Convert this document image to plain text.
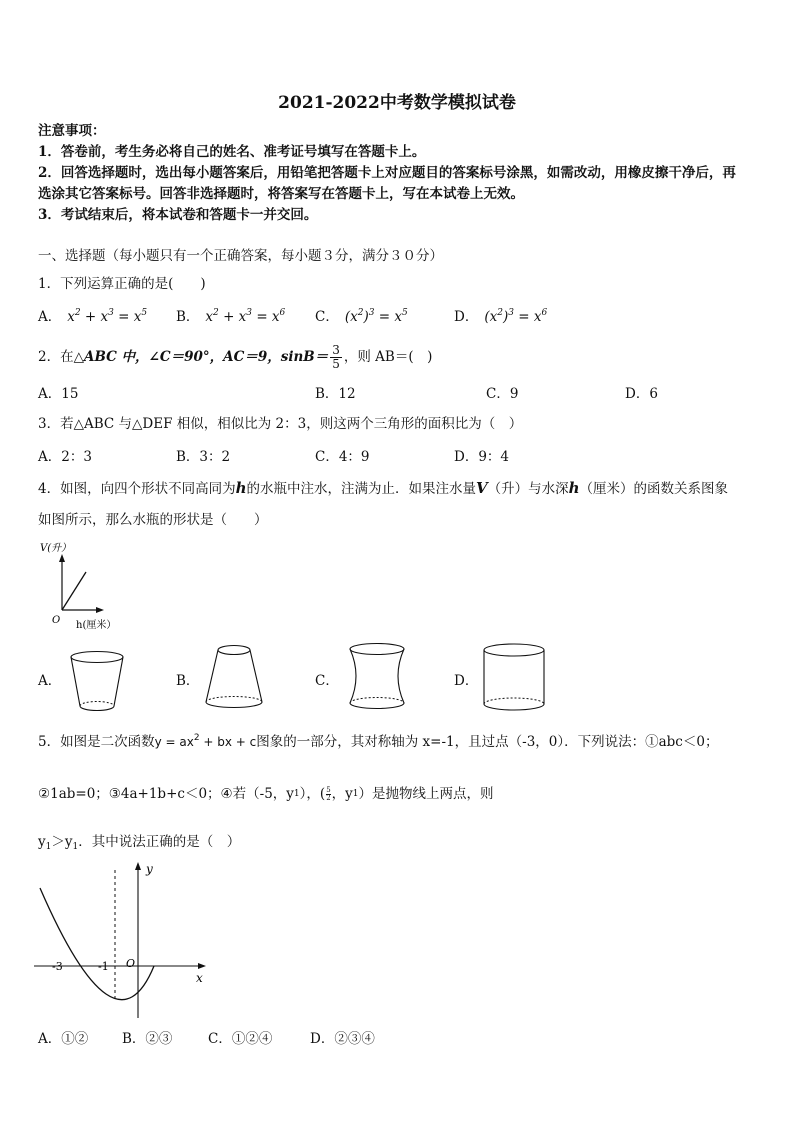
2021-2022中考数学模拟试卷
注意事项：
1．答卷前，考生务必将自己的姓名、准考证号填写在答题卡上。
2．回答选择题时，选出每小题答案后，用铅笔把答题卡上对应题目的答案标号涂黑，如需改动，用橡皮擦干净后，再
选涂其它答案标号。回答非选择题时，将答案写在答题卡上，写在本试卷上无效。
3．考试结束后，将本试卷和答题卡一并交回。
一、选择题（每小题只有一个正确答案，每小题３分，满分３０分）
1．下列运算正确的是(　　)
A． $x^2 + x^3 = x^5$ B． $x^2 + x^3 = x^6$ C． $(x^2)^3 = x^5$	D． $(x^2)^3 = x^6$
2．在 △ABC 中，∠C＝90°，AC＝9，$\sin B= \frac{3}{5}$ ，则 AB＝(　)
A．15	B．12	C．9	D．6
3．若△ABC 与△DEF 相似，相似比为 2：3，则这两个三角形的面积比为（　）
A．2：3	B．3：2	C．4：9	D．9：4
4．如图，向四个形状不同高同为h的水瓶中注水，注满为止．如果注水量V（升）与水深h（厘米）的函数关系图象
如图所示，那么水瓶的形状是（　　）
V(升）
O h(厘米）
A．	B．	C．	D．
5．如图是二次函数$y = ax^2$ + bx + c图象的一部分，其对称轴为 x=-1，且过点（-3，0）．下列说法：①abc＜0；
②1ab=0；③4a+1b+c＜0；④若（-5，y 1 ），( 5
2 ，y 1 ）是抛物线上两点，则
$y_1>y_1$．其中说法正确的是（　）
y
x
O
-3	-1
A．①②	B．②③	C．①②④	D．②③④
